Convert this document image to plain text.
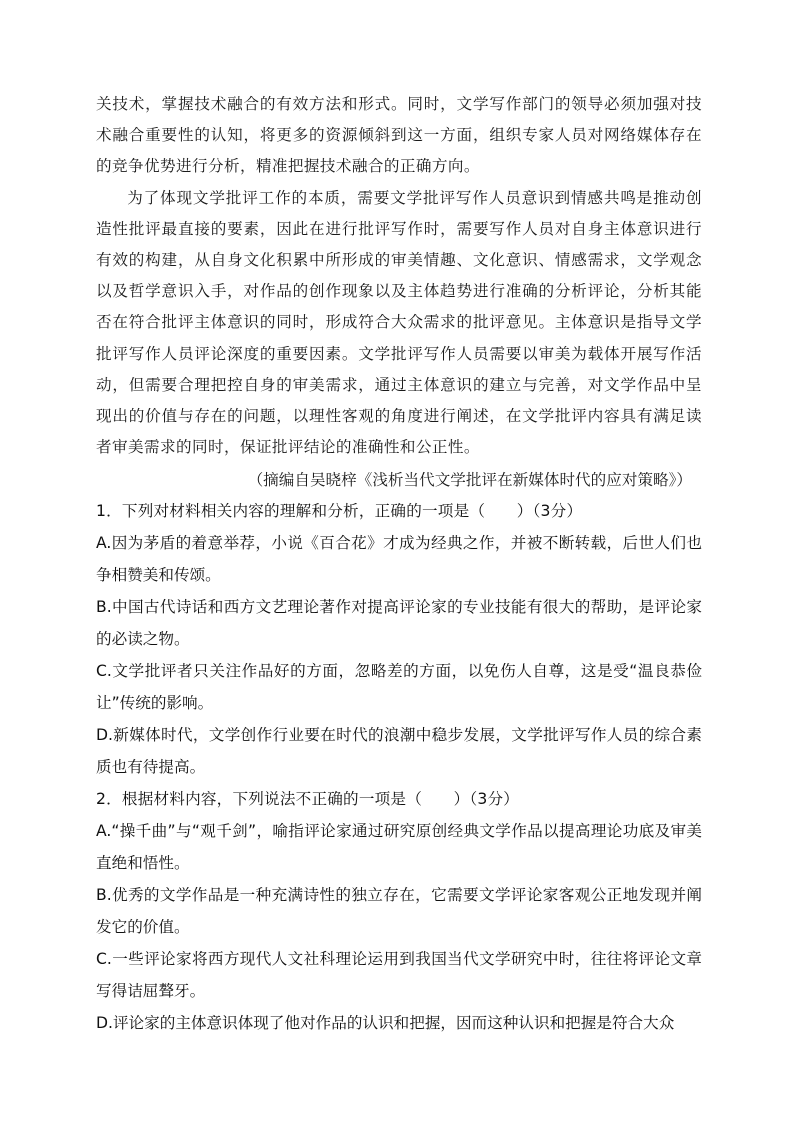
关技术，掌握技术融合的有效方法和形式。同时，文学写作部门的领导必须加强对技术融合重要性的认知，将更多的资源倾斜到这一方面，组织专家人员对网络媒体存在的竞争优势进行分析，精准把握技术融合的正确方向。

为了体现文学批评工作的本质，需要文学批评写作人员意识到情感共鸣是推动创造性批评最直接的要素，因此在进行批评写作时，需要写作人员对自身主体意识进行有效的构建，从自身文化积累中所形成的审美情趣、文化意识、情感需求，文学观念以及哲学意识入手，对作品的创作现象以及主体趋势进行准确的分析评论，分析其能否在符合批评主体意识的同时，形成符合大众需求的批评意见。主体意识是指导文学批评写作人员评论深度的重要因素。文学批评写作人员需要以审美为载体开展写作活动，但需要合理把控自身的审美需求，通过主体意识的建立与完善，对文学作品中呈现出的价值与存在的问题，以理性客观的角度进行阐述，在文学批评内容具有满足读者审美需求的同时，保证批评结论的准确性和公正性。

（摘编自吴晓梓《浅析当代文学批评在新媒体时代的应对策略》）

1．下列对材料相关内容的理解和分析，正确的一项是（　　）（3分）

A.因为茅盾的着意举荐，小说《百合花》才成为经典之作，并被不断转载，后世人们也争相赞美和传颂。

B.中国古代诗话和西方文艺理论著作对提高评论家的专业技能有很大的帮助，是评论家的必读之物。

C.文学批评者只关注作品好的方面，忽略差的方面，以免伤人自尊，这是受“温良恭俭让”传统的影响。

D.新媒体时代，文学创作行业要在时代的浪潮中稳步发展，文学批评写作人员的综合素质也有待提高。

2．根据材料内容，下列说法不正确的一项是（　　）（3分）

A.“操千曲”与“观千剑”，喻指评论家通过研究原创经典文学作品以提高理论功底及审美直绝和悟性。

B.优秀的文学作品是一种充满诗性的独立存在，它需要文学评论家客观公正地发现并阐发它的价值。

C.一些评论家将西方现代人文社科理论运用到我国当代文学研究中时，往往将评论文章写得诘屈聱牙。

D.评论家的主体意识体现了他对作品的认识和把握，因而这种认识和把握是符合大众
